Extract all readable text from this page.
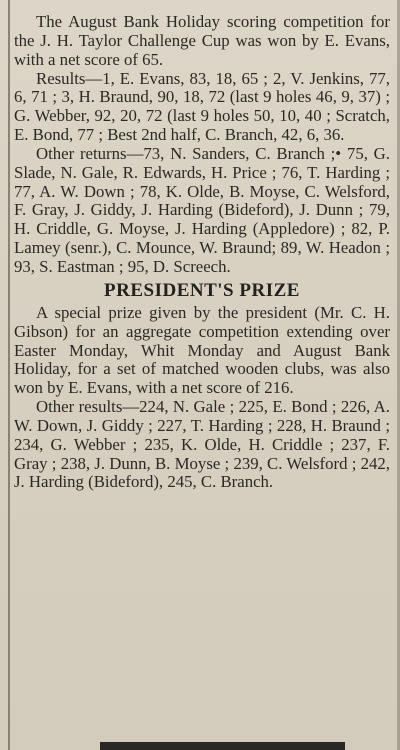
The August Bank Holiday scoring competition for the J. H. Taylor Challenge Cup was won by E. Evans, with a net score of 65.

Results—1, E. Evans, 83, 18, 65 ; 2, V. Jenkins, 77, 6, 71 ; 3, H. Braund, 90, 18, 72 (last 9 holes 46, 9, 37) ; G. Webber, 92, 20, 72 (last 9 holes 50, 10, 40 ; Scratch, E. Bond, 77 ; Best 2nd half, C. Branch, 42, 6, 36.

Other returns—73, N. Sanders, C. Branch ;• 75, G. Slade, N. Gale, R. Edwards, H. Price ; 76, T. Harding ; 77, A. W. Down ; 78, K. Olde, B. Moyse, C. Welsford, F. Gray, J. Giddy, J. Harding (Bideford), J. Dunn ; 79, H. Criddle, G. Moyse, J. Harding (Appledore) ; 82, P. Lamey (senr.), C. Mounce, W. Braund; 89, W. Headon ; 93, S. Eastman ; 95, D. Screech.

PRESIDENT'S PRIZE

A special prize given by the president (Mr. C. H. Gibson) for an aggregate competition extending over Easter Monday, Whit Monday and August Bank Holiday, for a set of matched wooden clubs, was also won by E. Evans, with a net score of 216.

Other results—224, N. Gale ; 225, E. Bond ; 226, A. W. Down, J. Giddy ; 227, T. Harding ; 228, H. Braund ; 234, G. Webber ; 235, K. Olde, H. Criddle ; 237, F. Gray ; 238, J. Dunn, B. Moyse ; 239, C. Welsford ; 242, J. Harding (Bideford), 245, C. Branch.
